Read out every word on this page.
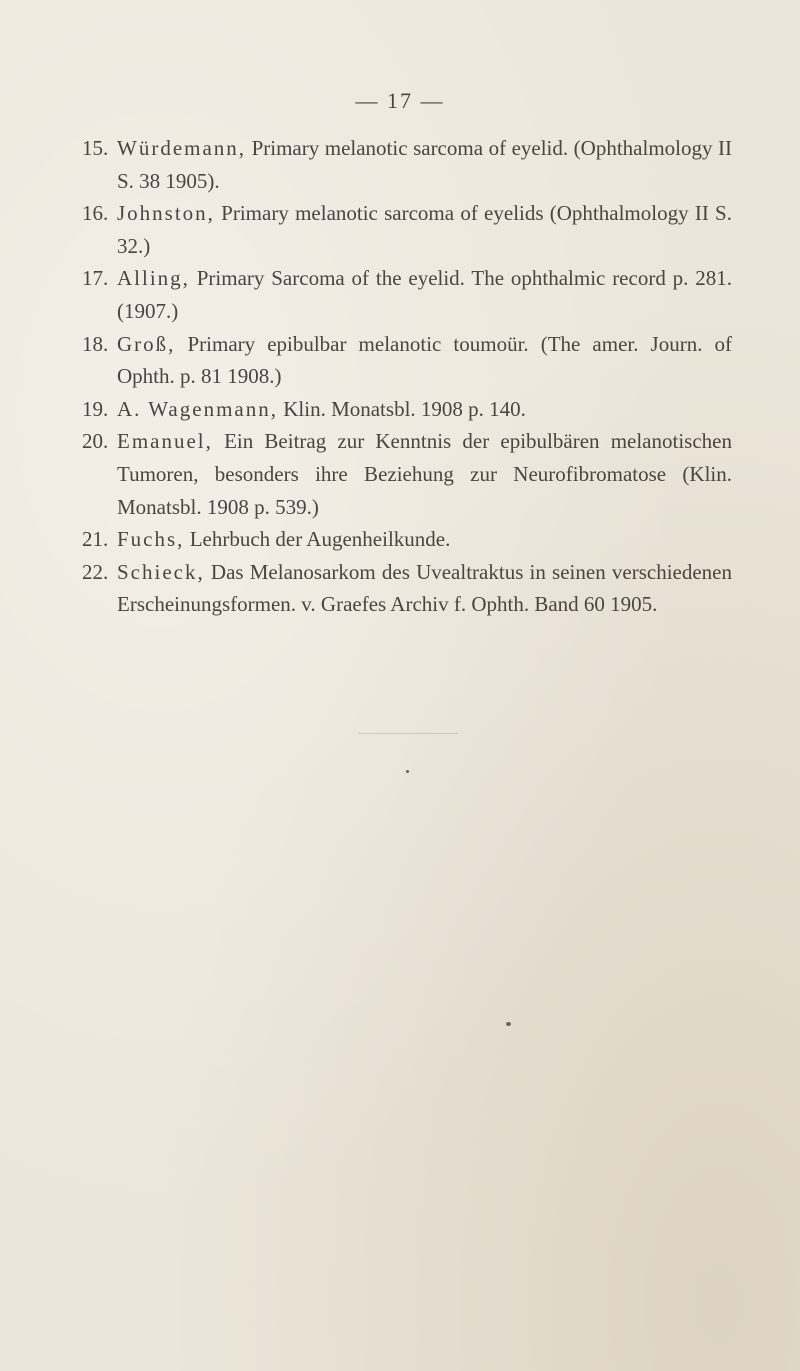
— 17 —
15. Würdemann, Primary melanotic sarcoma of eyelid. (Ophthalmology II S. 38 1905).
16. Johnston, Primary melanotic sarcoma of eyelids (Ophthalmology II S. 32.)
17. Alling, Primary Sarcoma of the eyelid. The ophthalmic record p. 281. (1907.)
18. Groß, Primary epibulbar melanotic toumoür. (The amer. Journ. of Ophth. p. 81 1908.)
19. A. Wagenmann, Klin. Monatsbl. 1908 p. 140.
20. Emanuel, Ein Beitrag zur Kenntnis der epibulbären melanotischen Tumoren, besonders ihre Beziehung zur Neurofibromatose (Klin. Monatsbl. 1908 p. 539.)
21. Fuchs, Lehrbuch der Augenheilkunde.
22. Schieck, Das Melanosarkom des Uvealtraktus in seinen verschiedenen Erscheinungsformen. v. Graefes Archiv f. Ophth. Band 60 1905.
